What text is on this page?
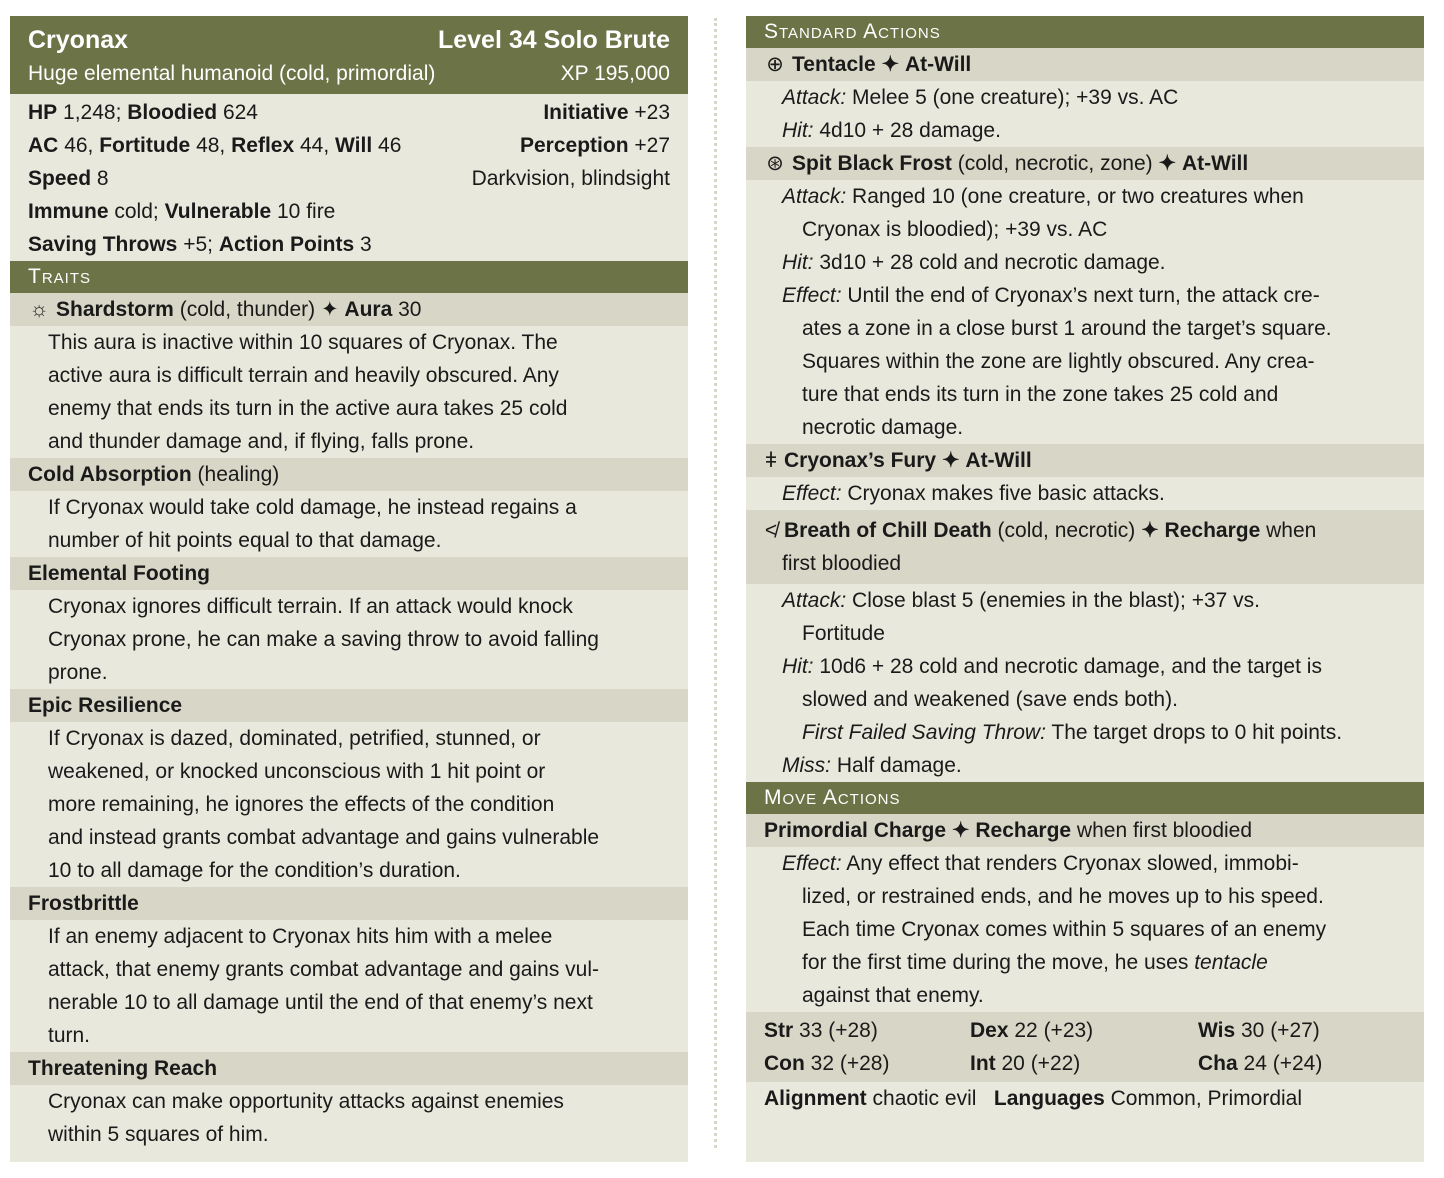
Cryonax	Level 34 Solo Brute
Huge elemental humanoid (cold, primordial)	XP 195,000
HP 1,248; Bloodied 624	Initiative +23
AC 46, Fortitude 48, Reflex 44, Will 46	Perception +27
Speed 8	Darkvision, blindsight
Immune cold; Vulnerable 10 fire
Saving Throws +5; Action Points 3
Traits
☼ Shardstorm
(cold, thunder)
✦
Aura
30
This aura is inactive within 10 squares of Cryonax. The
active aura is difficult terrain and heavily obscured. Any
enemy that ends its turn in the active aura takes 25 cold
and thunder damage and, if flying, falls prone.
Cold Absorption
(healing)
If Cryonax would take cold damage, he instead regains a
number of hit points equal to that damage.
Elemental Footing
Cryonax ignores difficult terrain. If an attack would knock
Cryonax prone, he can make a saving throw to avoid falling
prone.
Epic Resilience
If Cryonax is dazed, dominated, petrified, stunned, or
weakened, or knocked unconscious with 1 hit point or
more remaining, he ignores the effects of the condition
and instead grants combat advantage and gains vulnerable
10 to all damage for the condition’s duration.
Frostbrittle
If an enemy adjacent to Cryonax hits him with a melee
attack, that enemy grants combat advantage and gains vul-
nerable 10 to all damage until the end of that enemy’s next
turn.
Threatening Reach
Cryonax can make opportunity attacks against enemies
within 5 squares of him.
Standard Actions
⊕ Tentacle
✦
At-Will
Attack: Melee 5 (one creature); +39 vs. AC
Hit: 4d10 + 28 damage.
⊛ Spit Black Frost
(cold, necrotic, zone)
✦
At-Will
Attack: Ranged 10 (one creature, or two creatures when
Cryonax is bloodied); +39 vs. AC
Hit: 3d10 + 28 cold and necrotic damage.
Effect: Until the end of Cryonax’s next turn, the attack cre-
ates a zone in a close burst 1 around the target’s square.
Squares within the zone are lightly obscured. Any crea-
ture that ends its turn in the zone takes 25 cold and
necrotic damage.
ǂ Cryonax’s Fury
✦
At-Will
Effect: Cryonax makes five basic attacks.
≮ Breath of Chill Death (cold, necrotic) ✦ Recharge when
first bloodied
Attack: Close blast 5 (enemies in the blast); +37 vs.
Fortitude
Hit: 10d6 + 28 cold and necrotic damage, and the target is
slowed and weakened (save ends both).
First Failed Saving Throw: The target drops to 0 hit points.
Miss: Half damage.
Move Actions
Primordial Charge
✦
Recharge
when first bloodied
Effect: Any effect that renders Cryonax slowed, immobi-
lized, or restrained ends, and he moves up to his speed.
Each time Cryonax comes within 5 squares of an enemy
for the first time during the move, he uses tentacle
against that enemy.
Str 33 (+28)	Dex 22 (+23)	Wis 30 (+27)
Con 32 (+28)	Int 20 (+22)	Cha 24 (+24)
Alignment chaotic evil Languages Common, Primordial
